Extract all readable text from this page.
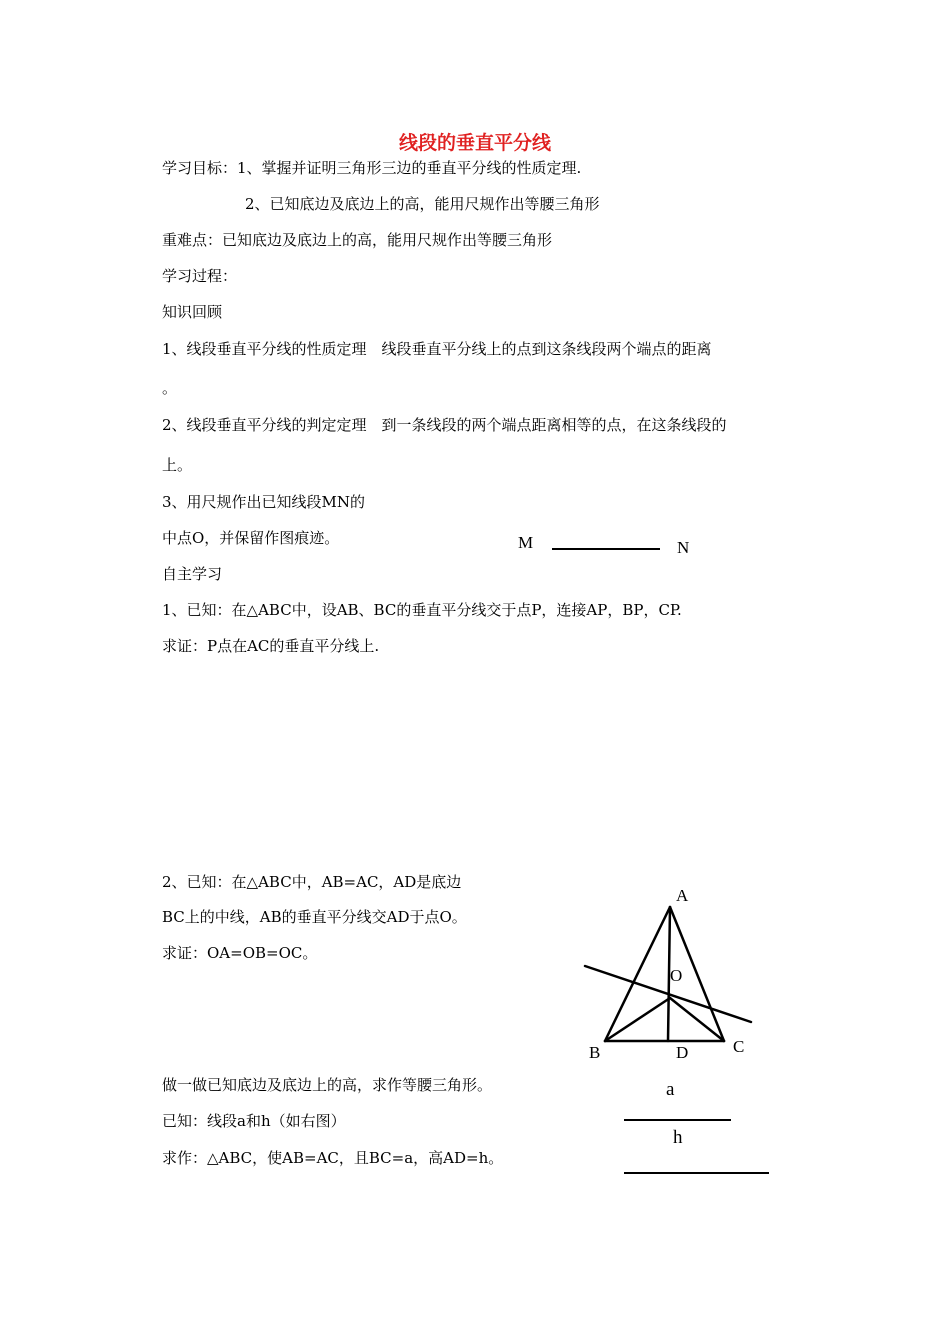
线段的垂直平分线
学习目标：1、掌握并证明三角形三边的垂直平分线的性质定理.
2、已知底边及底边上的高，能用尺规作出等腰三角形
重难点：已知底边及底边上的高，能用尺规作出等腰三角形
学习过程：
知识回顾
1、线段垂直平分线的性质定理　线段垂直平分线上的点到这条线段两个端点的距离
。
2、线段垂直平分线的判定定理　到一条线段的两个端点距离相等的点，在这条线段的
上。
3、用尺规作出已知线段MN的
中点O，并保留作图痕迹。	M	N
自主学习
1、已知：在△ABC中，设AB、BC的垂直平分线交于点P，连接AP，BP，CP.
求证：P点在AC的垂直平分线上.
2、已知：在△ABC中，AB=AC，AD是底边
BC上的中线，AB的垂直平分线交AD于点O。
求证：OA=OB=OC。
A
O
B	D	C
做一做已知底边及底边上的高，求作等腰三角形。
已知：线段a和h（如右图）
求作：△ABC，使AB=AC，且BC=a，高AD=h。
a
h
